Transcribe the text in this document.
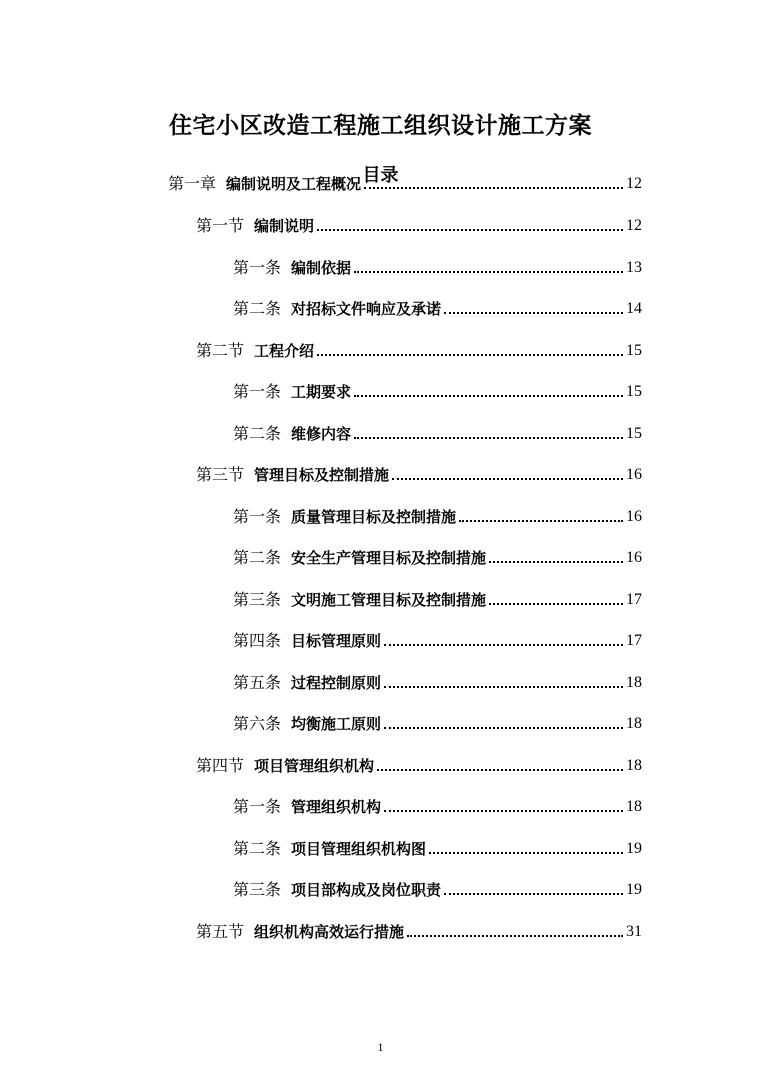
住宅小区改造工程施工组织设计施工方案
目录
第一章 编制说明及工程概况	12
第一节 编制说明	12
第一条 编制依据	13
第二条 对招标文件响应及承诺	14
第二节 工程介绍	15
第一条 工期要求	15
第二条 维修内容	15
第三节 管理目标及控制措施	16
第一条 质量管理目标及控制措施	16
第二条 安全生产管理目标及控制措施	16
第三条 文明施工管理目标及控制措施	17
第四条 目标管理原则	17
第五条 过程控制原则	18
第六条 均衡施工原则	18
第四节 项目管理组织机构	18
第一条 管理组织机构	18
第二条 项目管理组织机构图	19
第三条 项目部构成及岗位职责	19
第五节 组织机构高效运行措施	31
1
